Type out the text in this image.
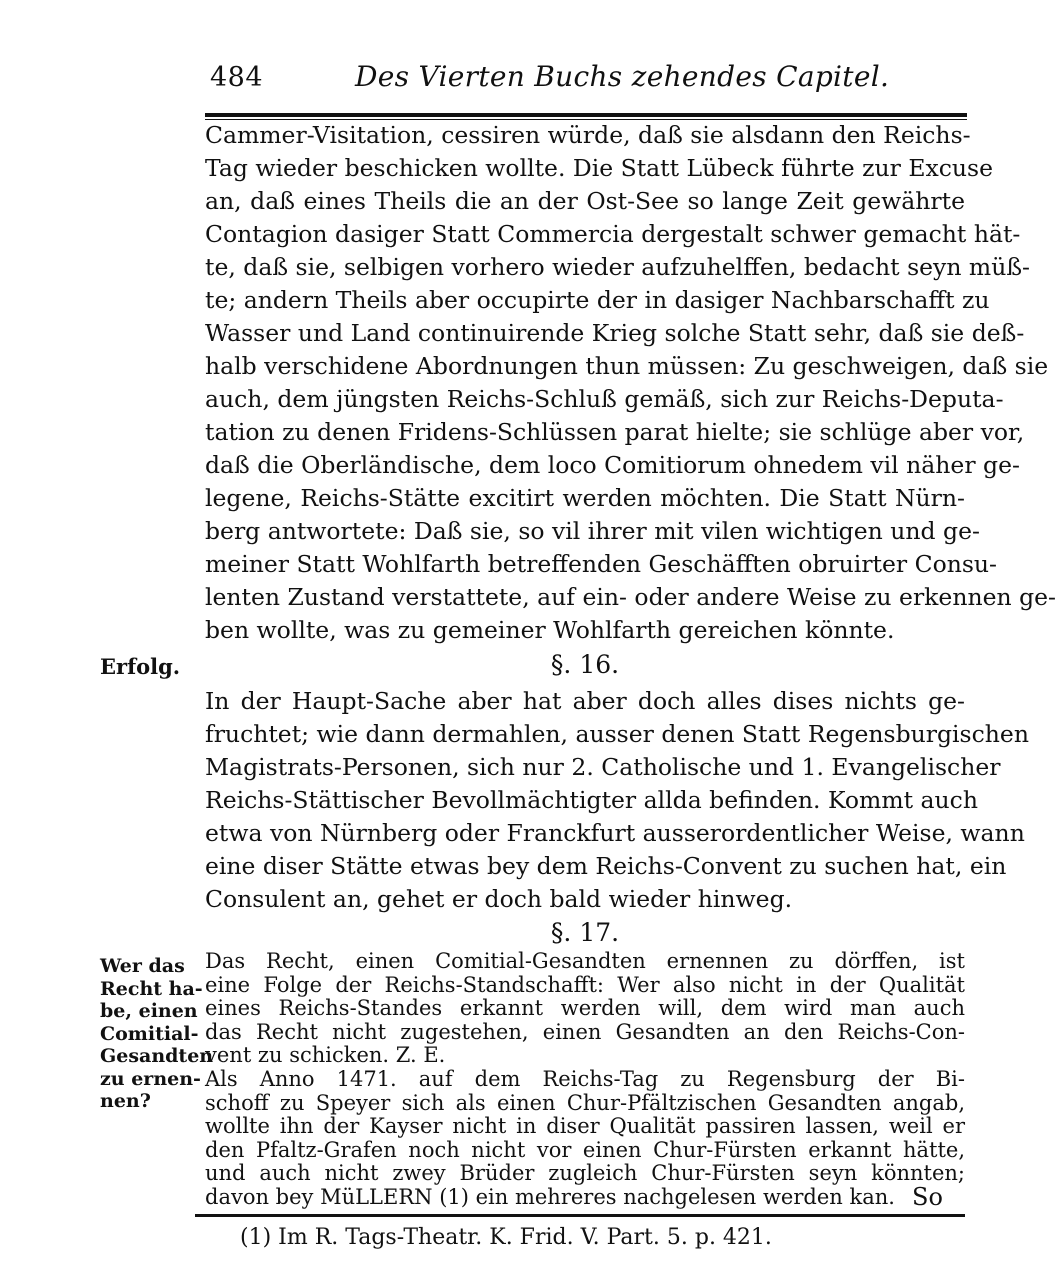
484	Des Vierten Buchs zehendes Capitel.
Cammer-Visitation, cessiren würde, daß sie alsdann den Reichs-
Tag wieder beschicken wollte. Die Statt Lübeck führte zur Excuse
an, daß eines Theils die an der Ost-See so lange Zeit gewährte
Contagion dasiger Statt Commercia dergestalt schwer gemacht hät-
te, daß sie, selbigen vorhero wieder aufzuhelffen, bedacht seyn müß-
te; andern Theils aber occupirte der in dasiger Nachbarschafft zu
Wasser und Land continuirende Krieg solche Statt sehr, daß sie deß-
halb verschidene Abordnungen thun müssen: Zu geschweigen, daß sie
auch, dem jüngsten Reichs-Schluß gemäß, sich zur Reichs-Deputa-
tation zu denen Fridens-Schlüssen parat hielte; sie schlüge aber vor,
daß die Oberländische, dem loco Comitiorum ohnedem vil näher ge-
legene, Reichs-Stätte excitirt werden möchten. Die Statt Nürn-
berg antwortete: Daß sie, so vil ihrer mit vilen wichtigen und ge-
meiner Statt Wohlfarth betreffenden Geschäfften obruirter Consu-
lenten Zustand verstattete, auf ein- oder andere Weise zu erkennen ge-
ben wollte, was zu gemeiner Wohlfarth gereichen könnte.
§. 16.
Erfolg.
In der Haupt-Sache aber hat aber doch alles dises nichts ge-
fruchtet; wie dann dermahlen, ausser denen Statt Regensburgischen
Magistrats-Personen, sich nur 2. Catholische und 1. Evangelischer
Reichs-Stättischer Bevollmächtigter allda befinden. Kommt auch
etwa von Nürnberg oder Franckfurt ausserordentlicher Weise, wann
eine diser Stätte etwas bey dem Reichs-Convent zu suchen hat, ein
Consulent an, gehet er doch bald wieder hinweg.
§. 17.
Wer das
Recht ha-
be, einen
Comitial-
Gesandten
zu ernen-
nen?
Das Recht, einen Comitial-Gesandten ernennen zu dörffen, ist
eine Folge der Reichs-Standschafft: Wer also nicht in der Qualität
eines Reichs-Standes erkannt werden will, dem wird man auch
das Recht nicht zugestehen, einen Gesandten an den Reichs-Con-
vent zu schicken. Z. E.
Als Anno 1471. auf dem Reichs-Tag zu Regensburg der Bi-
schoff zu Speyer sich als einen Chur-Pfältzischen Gesandten angab,
So
(1) Im R. Tags-Theatr. K. Frid. V. Part. 5. p. 421.
wollte ihn der Kayser nicht in diser Qualität passiren lassen, weil er
den Pfaltz-Grafen noch nicht vor einen Chur-Fürsten erkannt hätte,
und auch nicht zwey Brüder zugleich Chur-Fürsten seyn könnten;
davon bey MüLLERN (1) ein mehreres nachgelesen werden kan.
